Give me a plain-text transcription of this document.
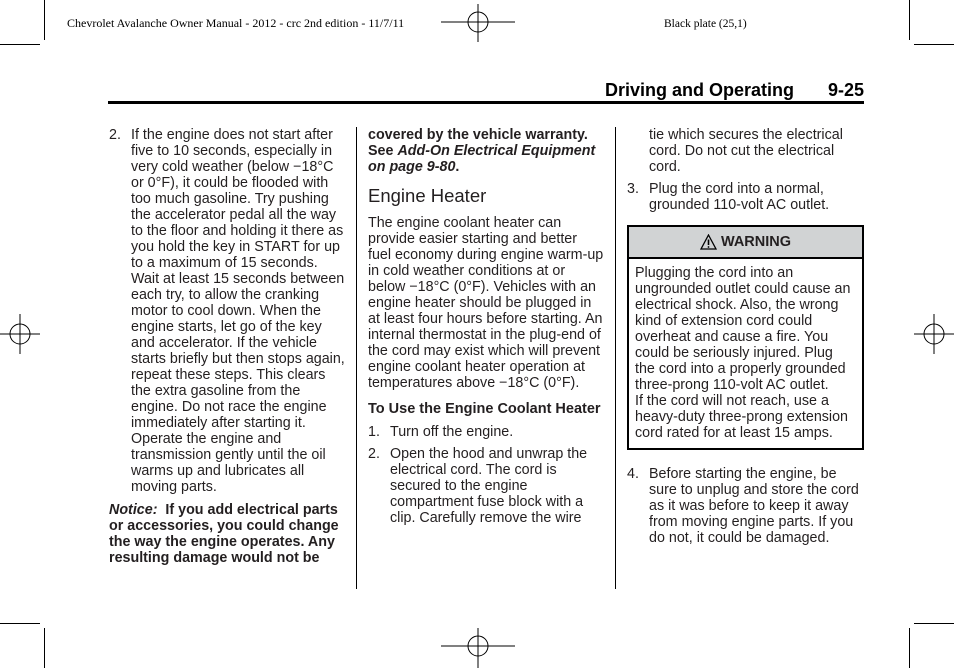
Chevrolet Avalanche Owner Manual - 2012 - crc 2nd edition - 11/7/11	Black plate (25,1)
Driving and Operating 9-25
2. If the engine does not start after five to 10 seconds, especially in very cold weather (below −18°C or 0°F), it could be flooded with too much gasoline. Try pushing the accelerator pedal all the way to the floor and holding it there as you hold the key in START for up to a maximum of 15 seconds. Wait at least 15 seconds between each try, to allow the cranking motor to cool down. When the engine starts, let go of the key and accelerator. If the vehicle starts briefly but then stops again, repeat these steps. This clears the extra gasoline from the engine. Do not race the engine immediately after starting it. Operate the engine and transmission gently until the oil warms up and lubricates all moving parts.

Notice: If you add electrical parts or accessories, you could change the way the engine operates. Any resulting damage would not be

covered by the vehicle warranty. See Add-On Electrical Equipment on page 9-80.

Engine Heater

The engine coolant heater can provide easier starting and better fuel economy during engine warm-up in cold weather conditions at or below −18°C (0°F). Vehicles with an engine heater should be plugged in at least four hours before starting. An internal thermostat in the plug-end of the cord may exist which will prevent engine coolant heater operation at temperatures above −18°C (0°F).

To Use the Engine Coolant Heater
1. Turn off the engine.
2. Open the hood and unwrap the electrical cord. The cord is secured to the engine compartment fuse block with a clip. Carefully remove the wire
tie which secures the electrical cord. Do not cut the electrical cord.
3. Plug the cord into a normal, grounded 110-volt AC outlet.
WARNING

Plugging the cord into an ungrounded outlet could cause an electrical shock. Also, the wrong kind of extension cord could overheat and cause a fire. You could be seriously injured. Plug the cord into a properly grounded three-prong 110-volt AC outlet.

If the cord will not reach, use a heavy-duty three-prong extension cord rated for at least 15 amps.

4. Before starting the engine, be sure to unplug and store the cord as it was before to keep it away from moving engine parts. If you do not, it could be damaged.
